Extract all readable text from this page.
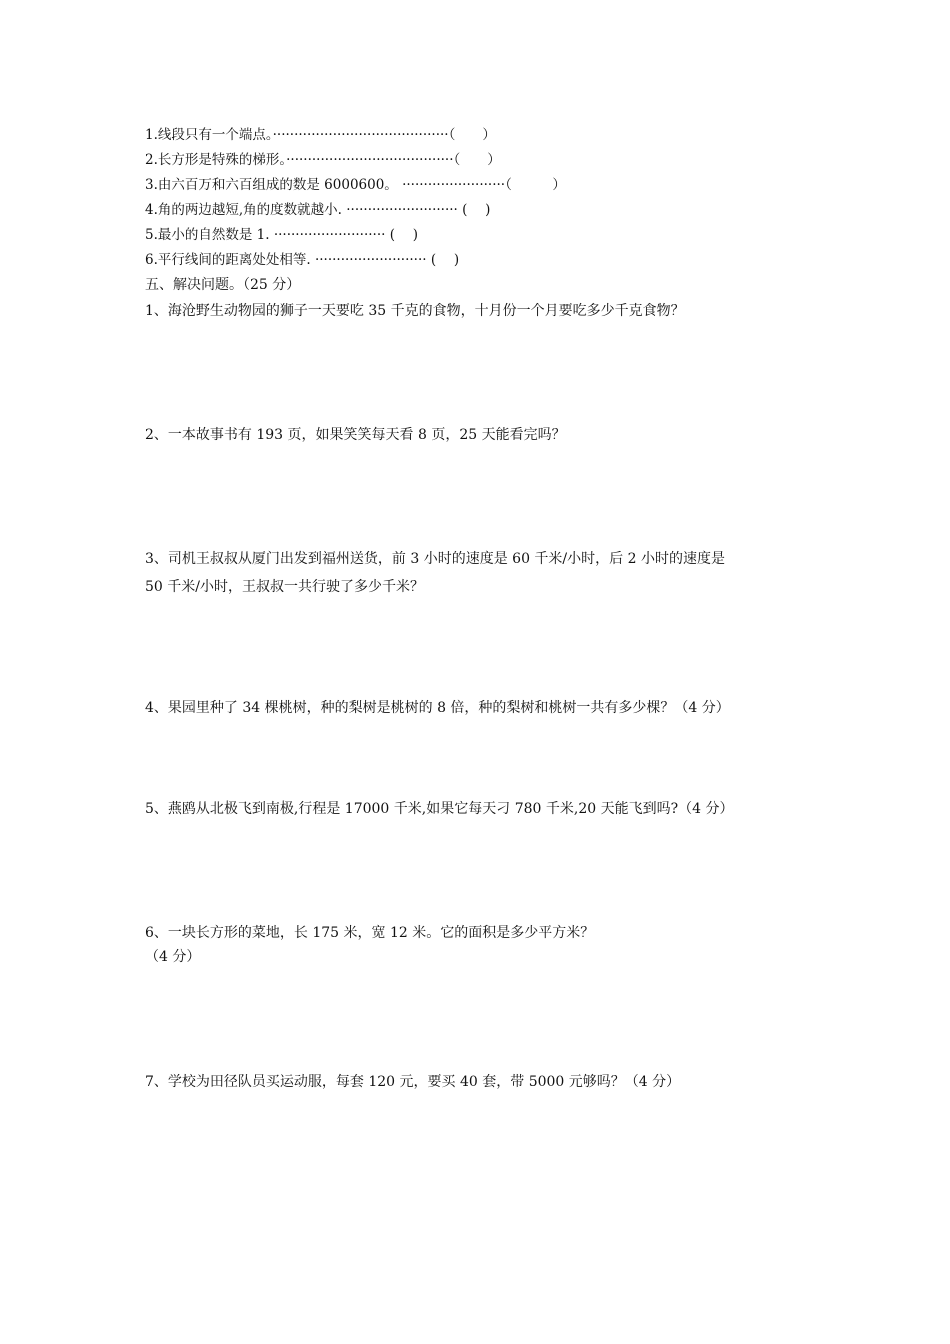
1.线段只有一个端点。·········································（　　）
2.长方形是特殊的梯形。·······································（　　）
3.由六百万和六百组成的数是 6000600。 ························（　　　）
4.角的两边越短,角的度数就越小. ·························· (　 )
5.最小的自然数是 1. ·························· (　 )
6.平行线间的距离处处相等. ·························· (　 )
五、解决问题。（25 分）
1、海沧野生动物园的狮子一天要吃 35 千克的食物，十月份一个月要吃多少千克食物？
2、一本故事书有 193 页，如果笑笑每天看 8 页，25 天能看完吗？
3、司机王叔叔从厦门出发到福州送货，前 3 小时的速度是 60 千米/小时，后 2 小时的速度是
50 千米/小时，王叔叔一共行驶了多少千米？
4、果园里种了 34 棵桃树，种的梨树是桃树的 8 倍，种的梨树和桃树一共有多少棵？（4 分）
5、燕鸥从北极飞到南极,行程是 17000 千米,如果它每天刁 780 千米,20 天能飞到吗?（4 分）
6、一块长方形的菜地，长 175 米，宽 12 米。它的面积是多少平方米？
（4 分）
7、学校为田径队员买运动服，每套 120 元，要买 40 套，带 5000 元够吗？（4 分）
